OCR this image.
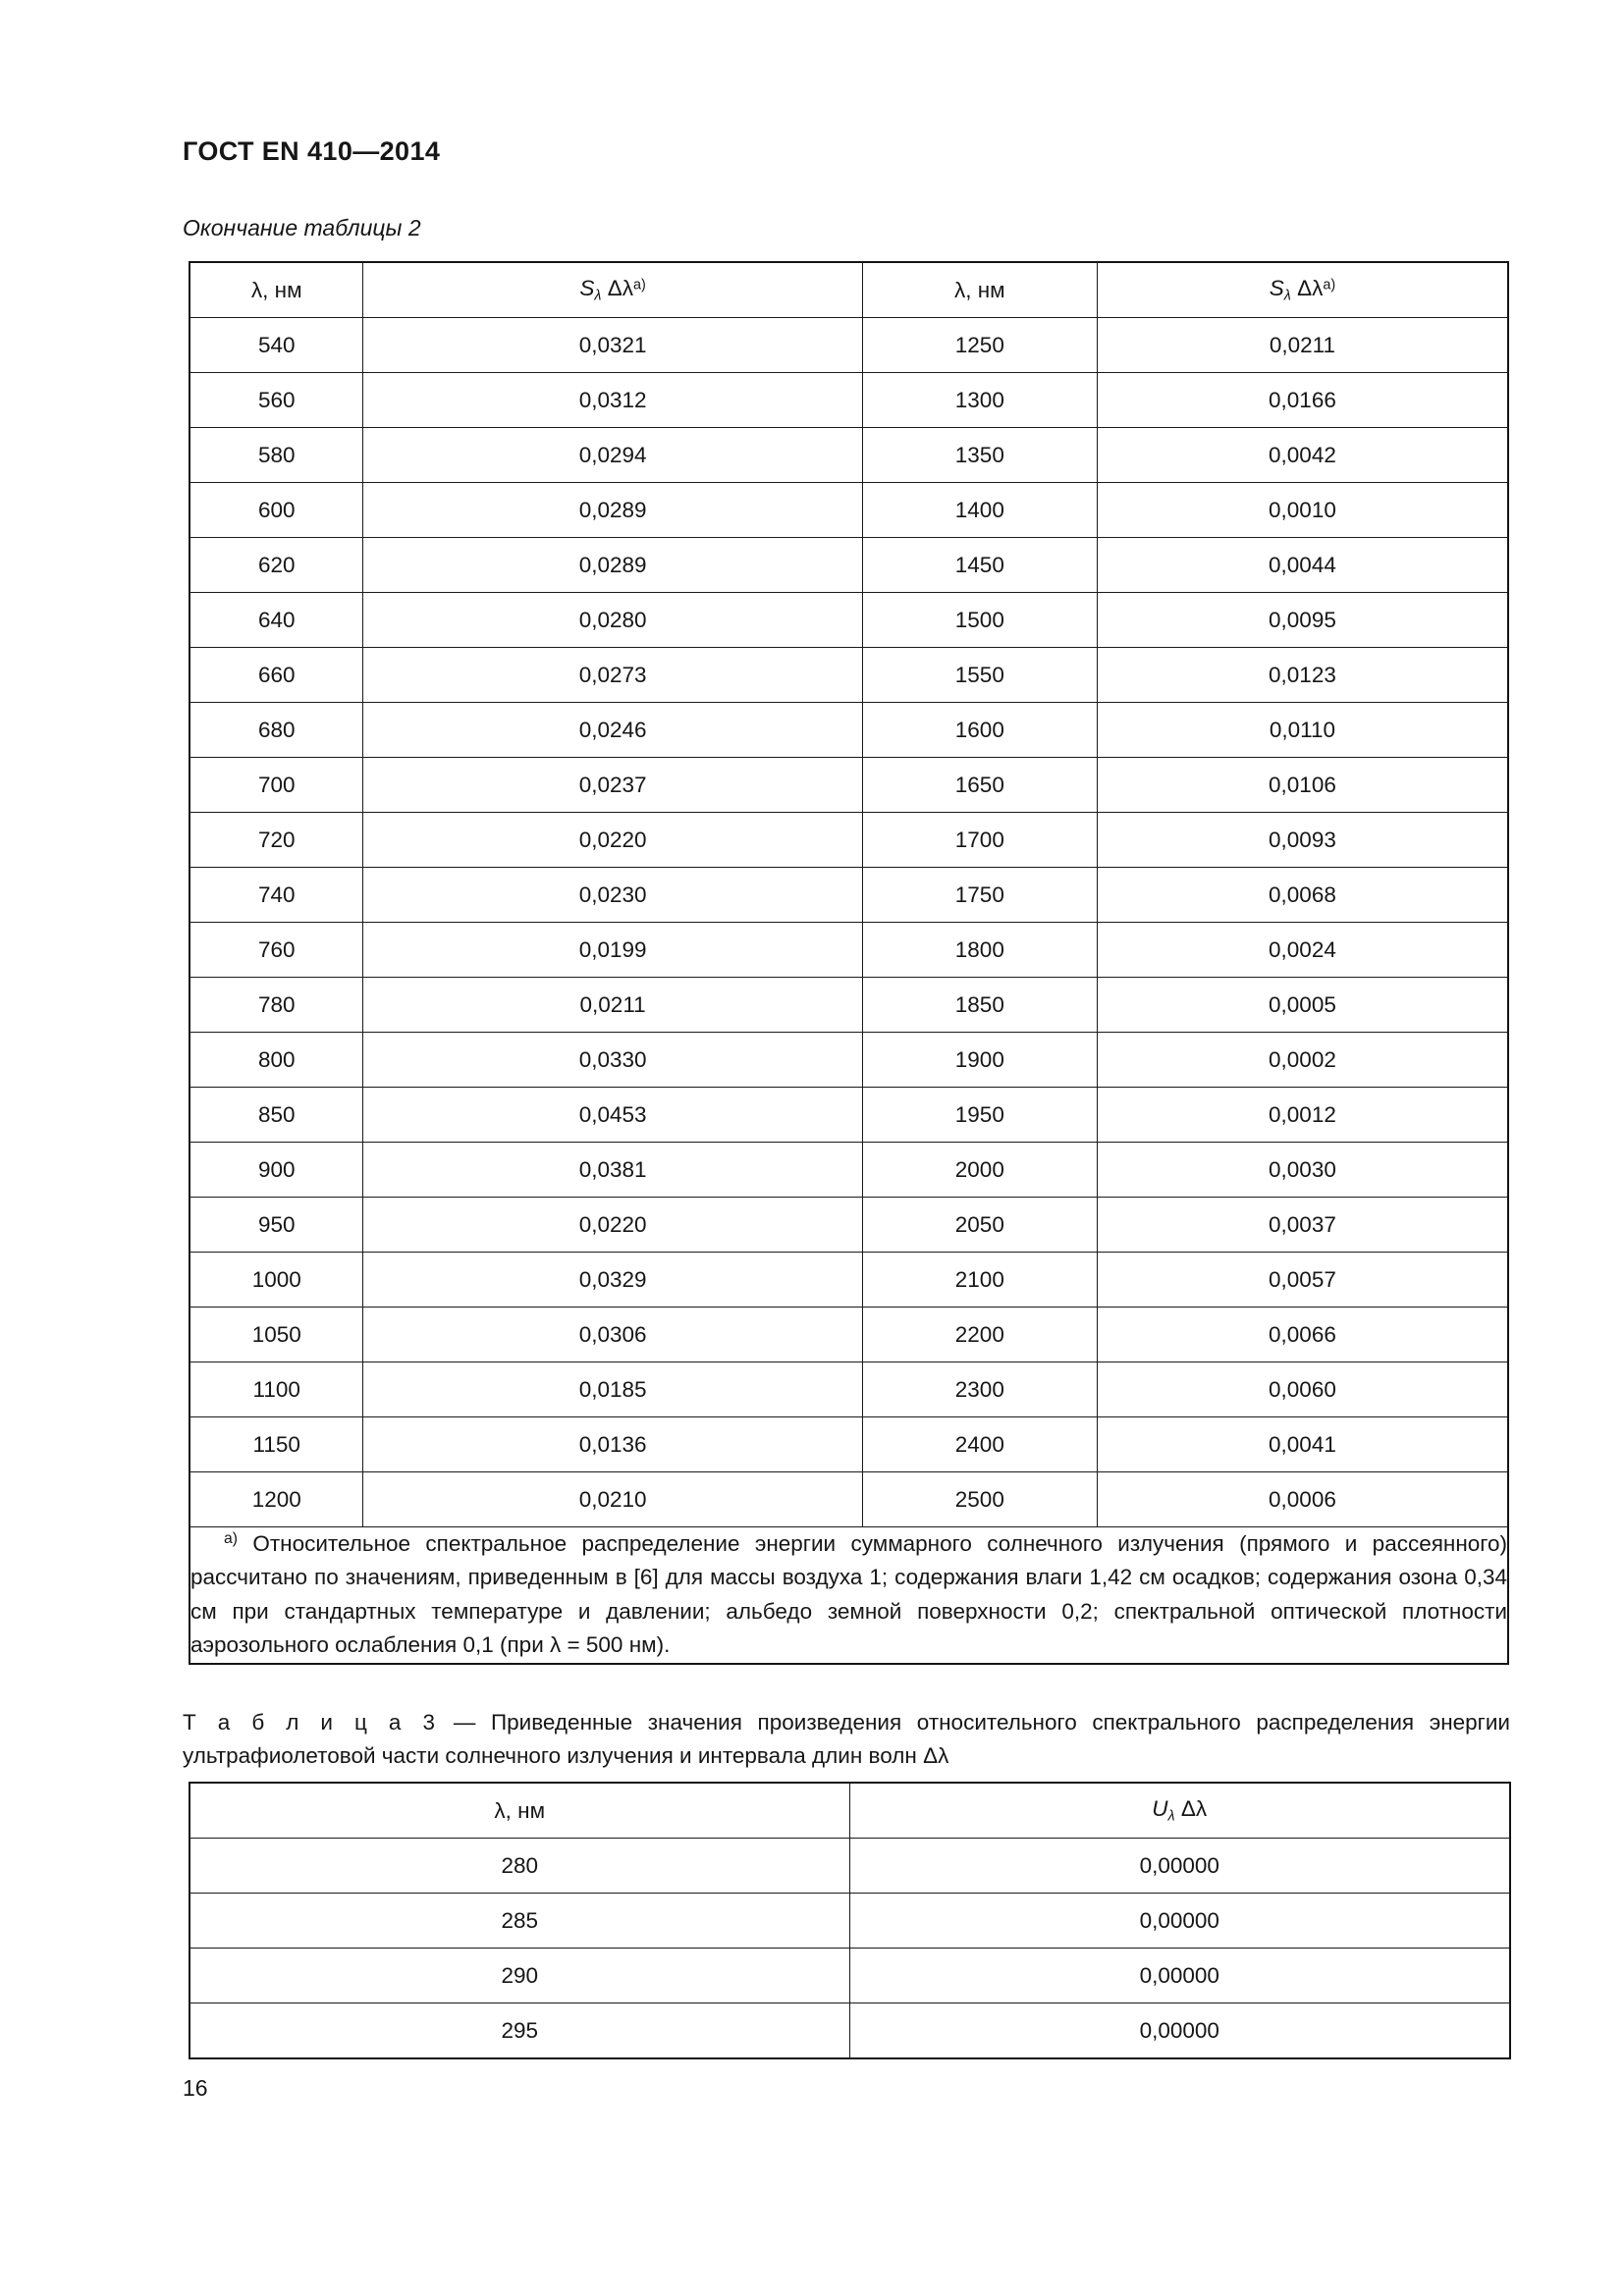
ГОСТ EN 410—2014
Окончание таблицы 2
λ, нм	$S_\lambda$ $\Delta\lambda^{a)}$	λ, нм	$S_\lambda$ $\Delta\lambda^{a)}$
540	0,0321	1250	0,0211
560	0,0312	1300	0,0166
580	0,0294	1350	0,0042
600	0,0289	1400	0,0010
620	0,0289	1450	0,0044
640	0,0280	1500	0,0095
660	0,0273	1550	0,0123
680	0,0246	1600	0,0110
700	0,0237	1650	0,0106
720	0,0220	1700	0,0093
740	0,0230	1750	0,0068
760	0,0199	1800	0,0024
780	0,0211	1850	0,0005
800	0,0330	1900	0,0002
850	0,0453	1950	0,0012
900	0,0381	2000	0,0030
950	0,0220	2050	0,0037
1000	0,0329	2100	0,0057
1050	0,0306	2200	0,0066
1100	0,0185	2300	0,0060
1150	0,0136	2400	0,0041
1200	0,0210	2500	0,0006

$^{a)}$ Относительное спектральное распределение энергии суммарного солнечного излучения (прямого и рассеянного) рассчитано по значениям, приведенным в [6] для массы воздуха 1; содержания влаги 1,42 см осадков; содержания озона 0,34 см при стандартных температуре и давлении; альбедо земной поверхности 0,2; спектральной оптической плотности аэрозольного ослабления 0,1 (при λ = 500 нм).			

Т а б л и ц а 3 — Приведенные значения произведения относительного спектрального распределения энергии ультрафиолетовой части солнечного излучения и интервала длин волн Δλ
λ, нм	$U_\lambda$ Δλ
280	0,00000
285	0,00000
290	0,00000
295	0,00000
16
